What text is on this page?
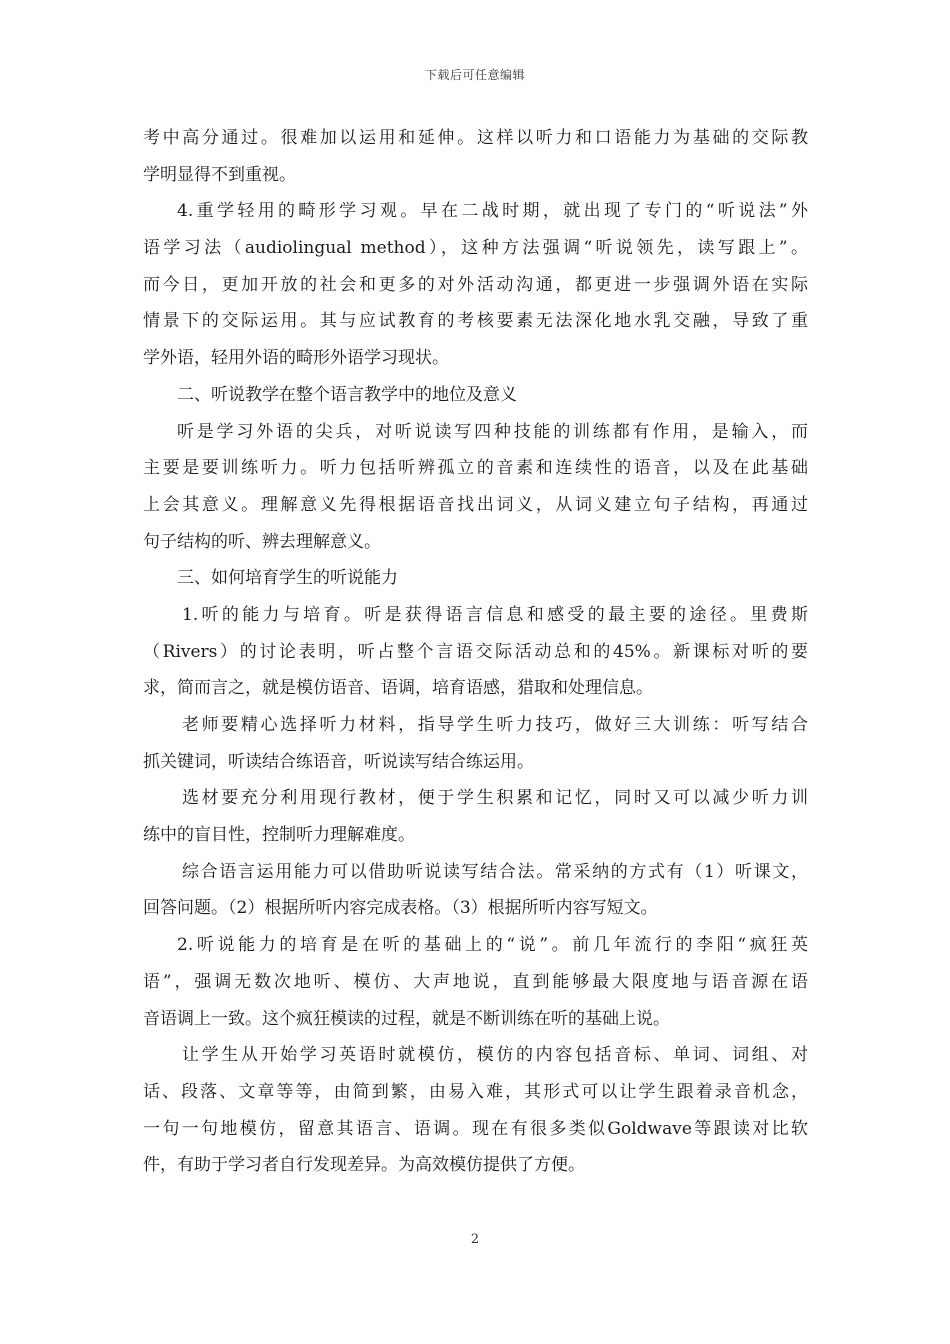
下载后可任意编辑
考中高分通过。很难加以运用和延伸。这样以听力和口语能力为基础的交际教
学明显得不到重视。
4.重学轻用的畸形学习观。早在二战时期，就出现了专门的“听说法”外
语学习法（audiolingual method），这种方法强调“听说领先，读写跟上”。
而今日，更加开放的社会和更多的对外活动沟通，都更进一步强调外语在实际
情景下的交际运用。其与应试教育的考核要素无法深化地水乳交融，导致了重
学外语，轻用外语的畸形外语学习现状。
二、听说教学在整个语言教学中的地位及意义
听是学习外语的尖兵，对听说读写四种技能的训练都有作用，是输入，而
主要是要训练听力。听力包括听辨孤立的音素和连续性的语音，以及在此基础
上会其意义。理解意义先得根据语音找出词义，从词义建立句子结构，再通过
句子结构的听、辨去理解意义。
三、如何培育学生的听说能力
1.听的能力与培育。听是获得语言信息和感受的最主要的途径。里费斯
（Rivers）的讨论表明，听占整个言语交际活动总和的45%。新课标对听的要
求，简而言之，就是模仿语音、语调，培育语感，猎取和处理信息。
老师要精心选择听力材料，指导学生听力技巧，做好三大训练：听写结合
抓关键词，听读结合练语音，听说读写结合练运用。
选材要充分利用现行教材，便于学生积累和记忆，同时又可以减少听力训
练中的盲目性，控制听力理解难度。
综合语言运用能力可以借助听说读写结合法。常采纳的方式有（1）听课文，
回答问题。（2）根据所听内容完成表格。（3）根据所听内容写短文。
2.听说能力的培育是在听的基础上的“说”。前几年流行的李阳“疯狂英
语”，强调无数次地听、模仿、大声地说，直到能够最大限度地与语音源在语
音语调上一致。这个疯狂模读的过程，就是不断训练在听的基础上说。
让学生从开始学习英语时就模仿，模仿的内容包括音标、单词、词组、对
话、段落、文章等等，由简到繁，由易入难，其形式可以让学生跟着录音机念，
一句一句地模仿，留意其语言、语调。现在有很多类似Goldwave等跟读对比软
件，有助于学习者自行发现差异。为高效模仿提供了方便。
2
